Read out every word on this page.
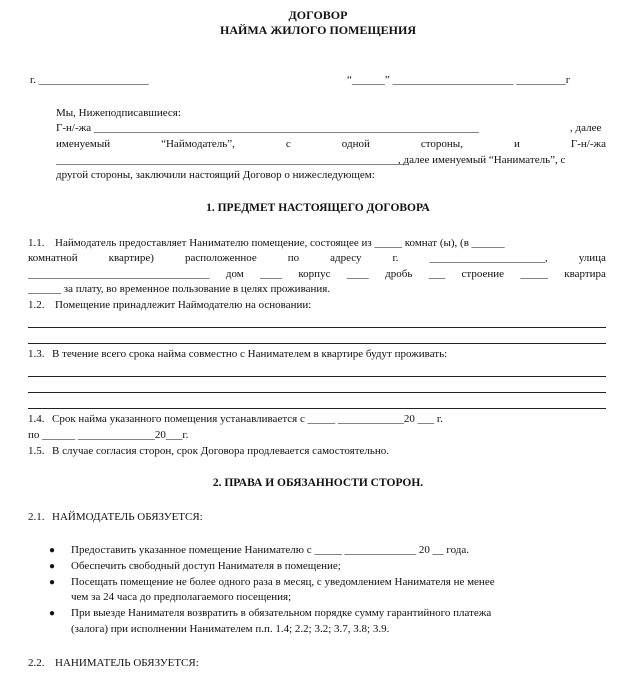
ДОГОВОР
НАЙМА ЖИЛОГО ПОМЕЩЕНИЯ
г. ____________________	“______” ______________________ _________г
Мы, Нижеподписавшиеся:
Г-н/-жа ______________________________________________________________________	, далее
именуемый	“Наймодатель”,	с	одной	стороны,	и	Г-н/-жа
________________________________________________________________
, далее именуемый “Наниматель”, с
другой стороны, заключили настоящий Договор о нижеследующем:
1. ПРЕДМЕТ НАСТОЯЩЕГО ДОГОВОРА
1.1. Наймодатель предоставляет Нанимателю помещение, состоящее из _____ комнат (ы), (в ______
комнатной	квартире)	расположенное	по	адресу	г.	_____________________,	улица
_________________________________ дом ____ корпус ____ дробь ___ строение _____ квартира
______ за плату, во временное пользование в целях проживания.
1.2. Помещение принадлежит Наймодателю на основании:
1.3. В течение всего срока найма совместно с Нанимателем в квартире будут проживать:
1.4. Срок найма указанного помещения устанавливается с _____ ____________20 ___ г.
по ______ ______________20___г.
1.5. В случае согласия сторон, срок Договора продлевается самостоятельно.
2. ПРАВА И ОБЯЗАННОСТИ СТОРОН.
2.1. НАЙМОДАТЕЛЬ ОБЯЗУЕТСЯ:
● Предоставить указанное помещение Нанимателю с _____ _____________ 20 __ года.
● Обеспечить свободный доступ Нанимателя в помещение;
● Посещать помещение не более одного раза в месяц, с уведомлением Нанимателя не менее
чем за 24 часа до предполагаемого посещения;
● При выезде Нанимателя возвратить в обязательном порядке сумму гарантийного платежа
(залога) при исполнении Нанимателем п.п. 1.4; 2.2; 3.2; 3.7, 3.8; 3.9.
2.2. НАНИМАТЕЛЬ ОБЯЗУЕТСЯ:
